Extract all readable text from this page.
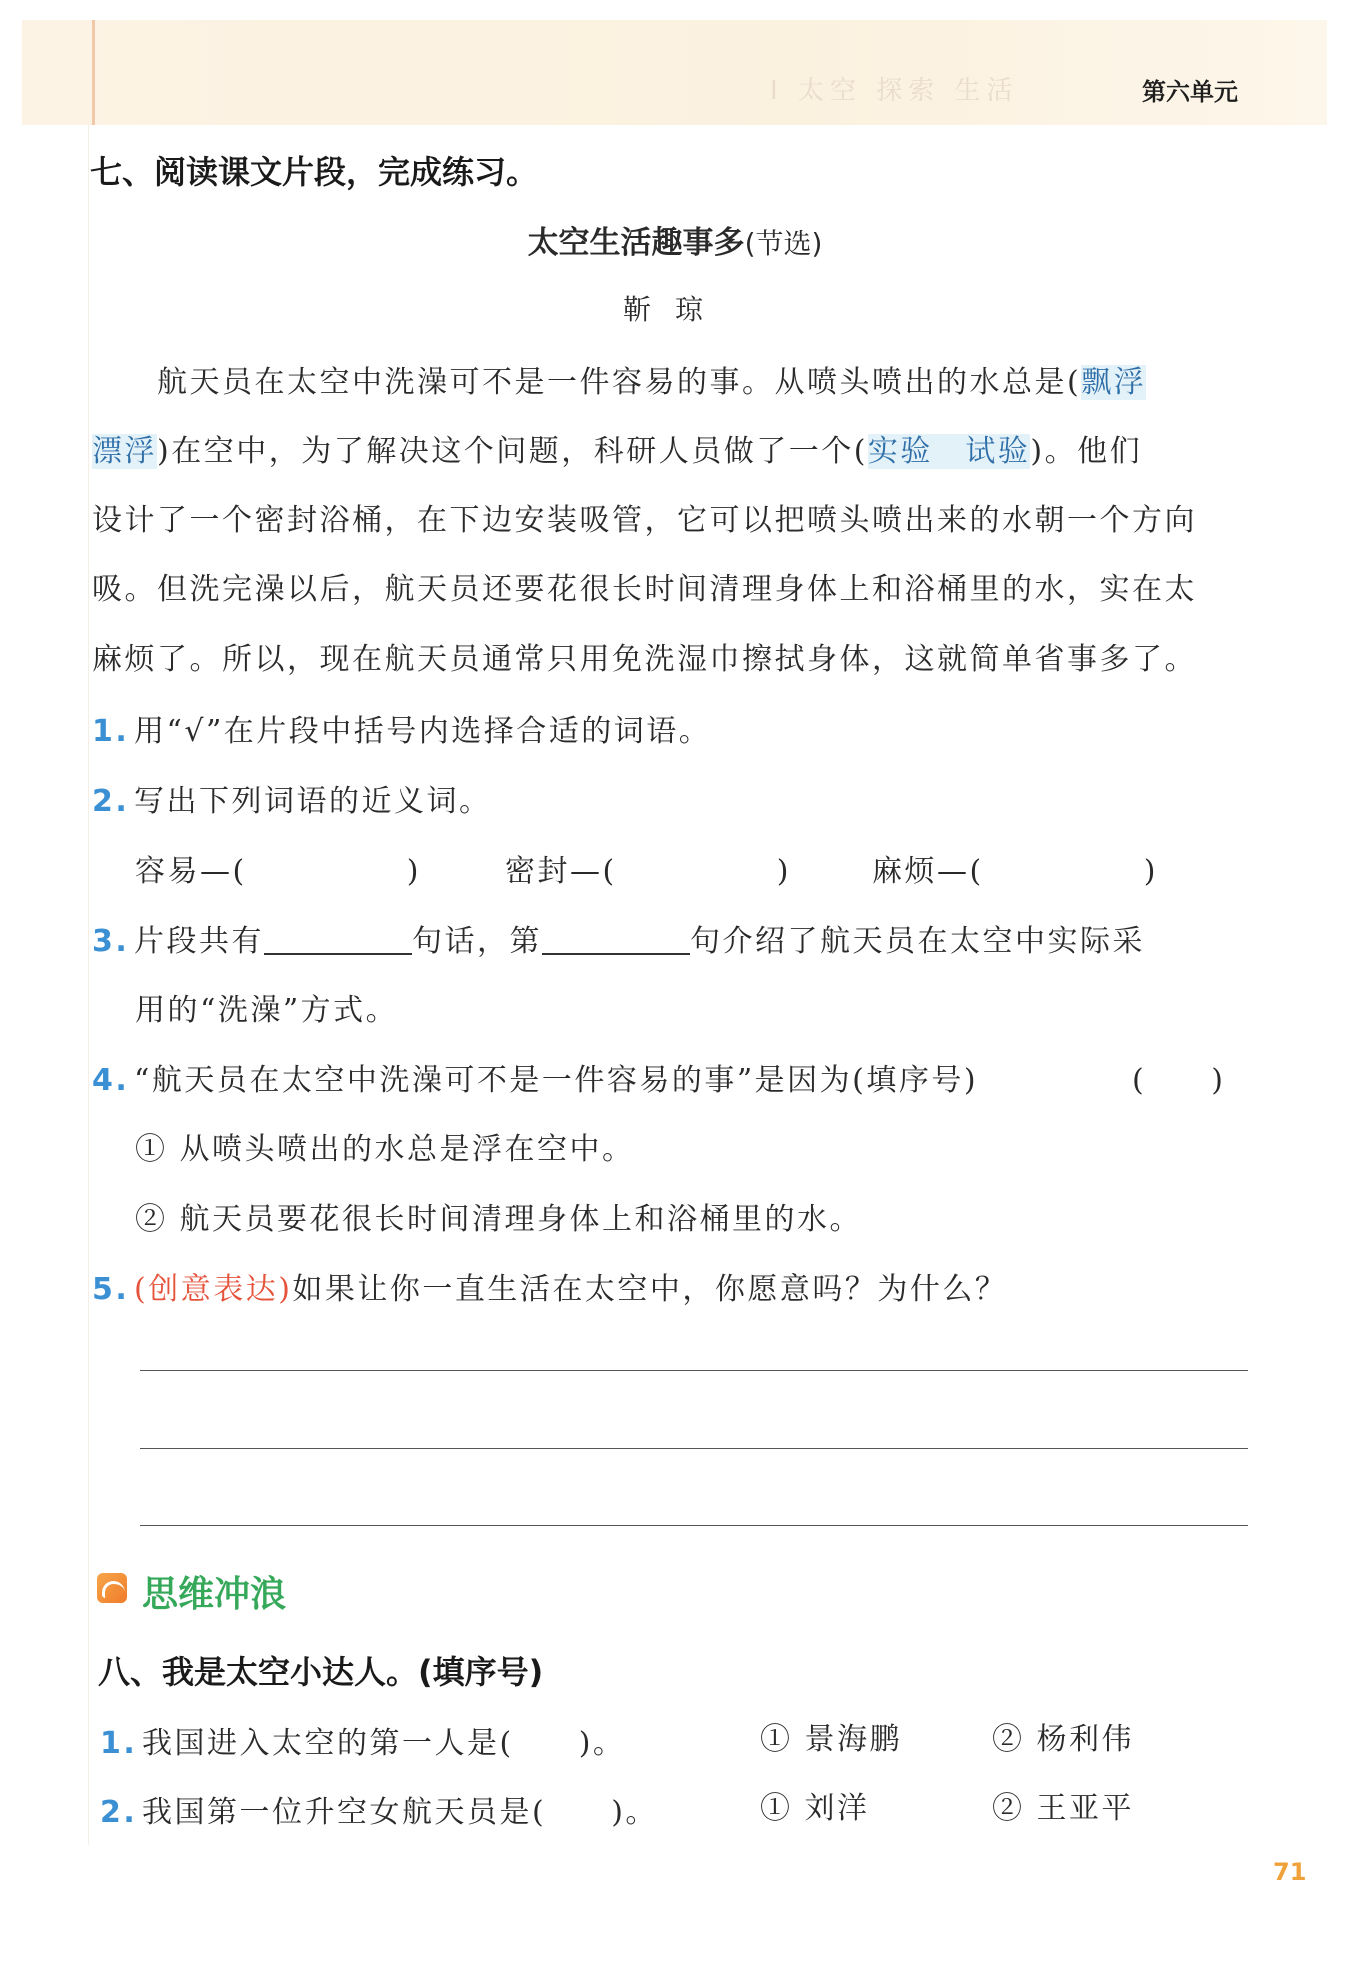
I 太空 探索 生活	第六单元
七、阅读课文片段，完成练习。
太空生活趣事多(节选)
靳琼
　　航天员在太空中洗澡可不是一件容易的事。从喷头喷出的水总是(飘浮
漂浮)在空中，为了解决这个问题，科研人员做了一个(实验　试验)。他们
设计了一个密封浴桶，在下边安装吸管，它可以把喷头喷出来的水朝一个方向
吸。但洗完澡以后，航天员还要花很长时间清理身体上和浴桶里的水，实在太
麻烦了。所以，现在航天员通常只用免洗湿巾擦拭身体，这就简单省事多了。
1. 用“√”在片段中括号内选择合适的词语。
2. 写出下列词语的近义词。
容易—(	)	密封—(	)	麻烦—(	)
3. 片段共有	句话，第	句介绍了航天员在太空中实际采
用的“洗澡”方式。
4. “航天员在太空中洗澡可不是一件容易的事”是因为(填序号)	(　　)
① 从喷头喷出的水总是浮在空中。
② 航天员要花很长时间清理身体上和浴桶里的水。
5. (创意表达)如果让你一直生活在太空中，你愿意吗？为什么？
思维冲浪
八、我是太空小达人。(填序号)
1. 我国进入太空的第一人是(　　)。	① 景海鹏	② 杨利伟
2. 我国第一位升空女航天员是(　　)。	① 刘洋	② 王亚平
71
